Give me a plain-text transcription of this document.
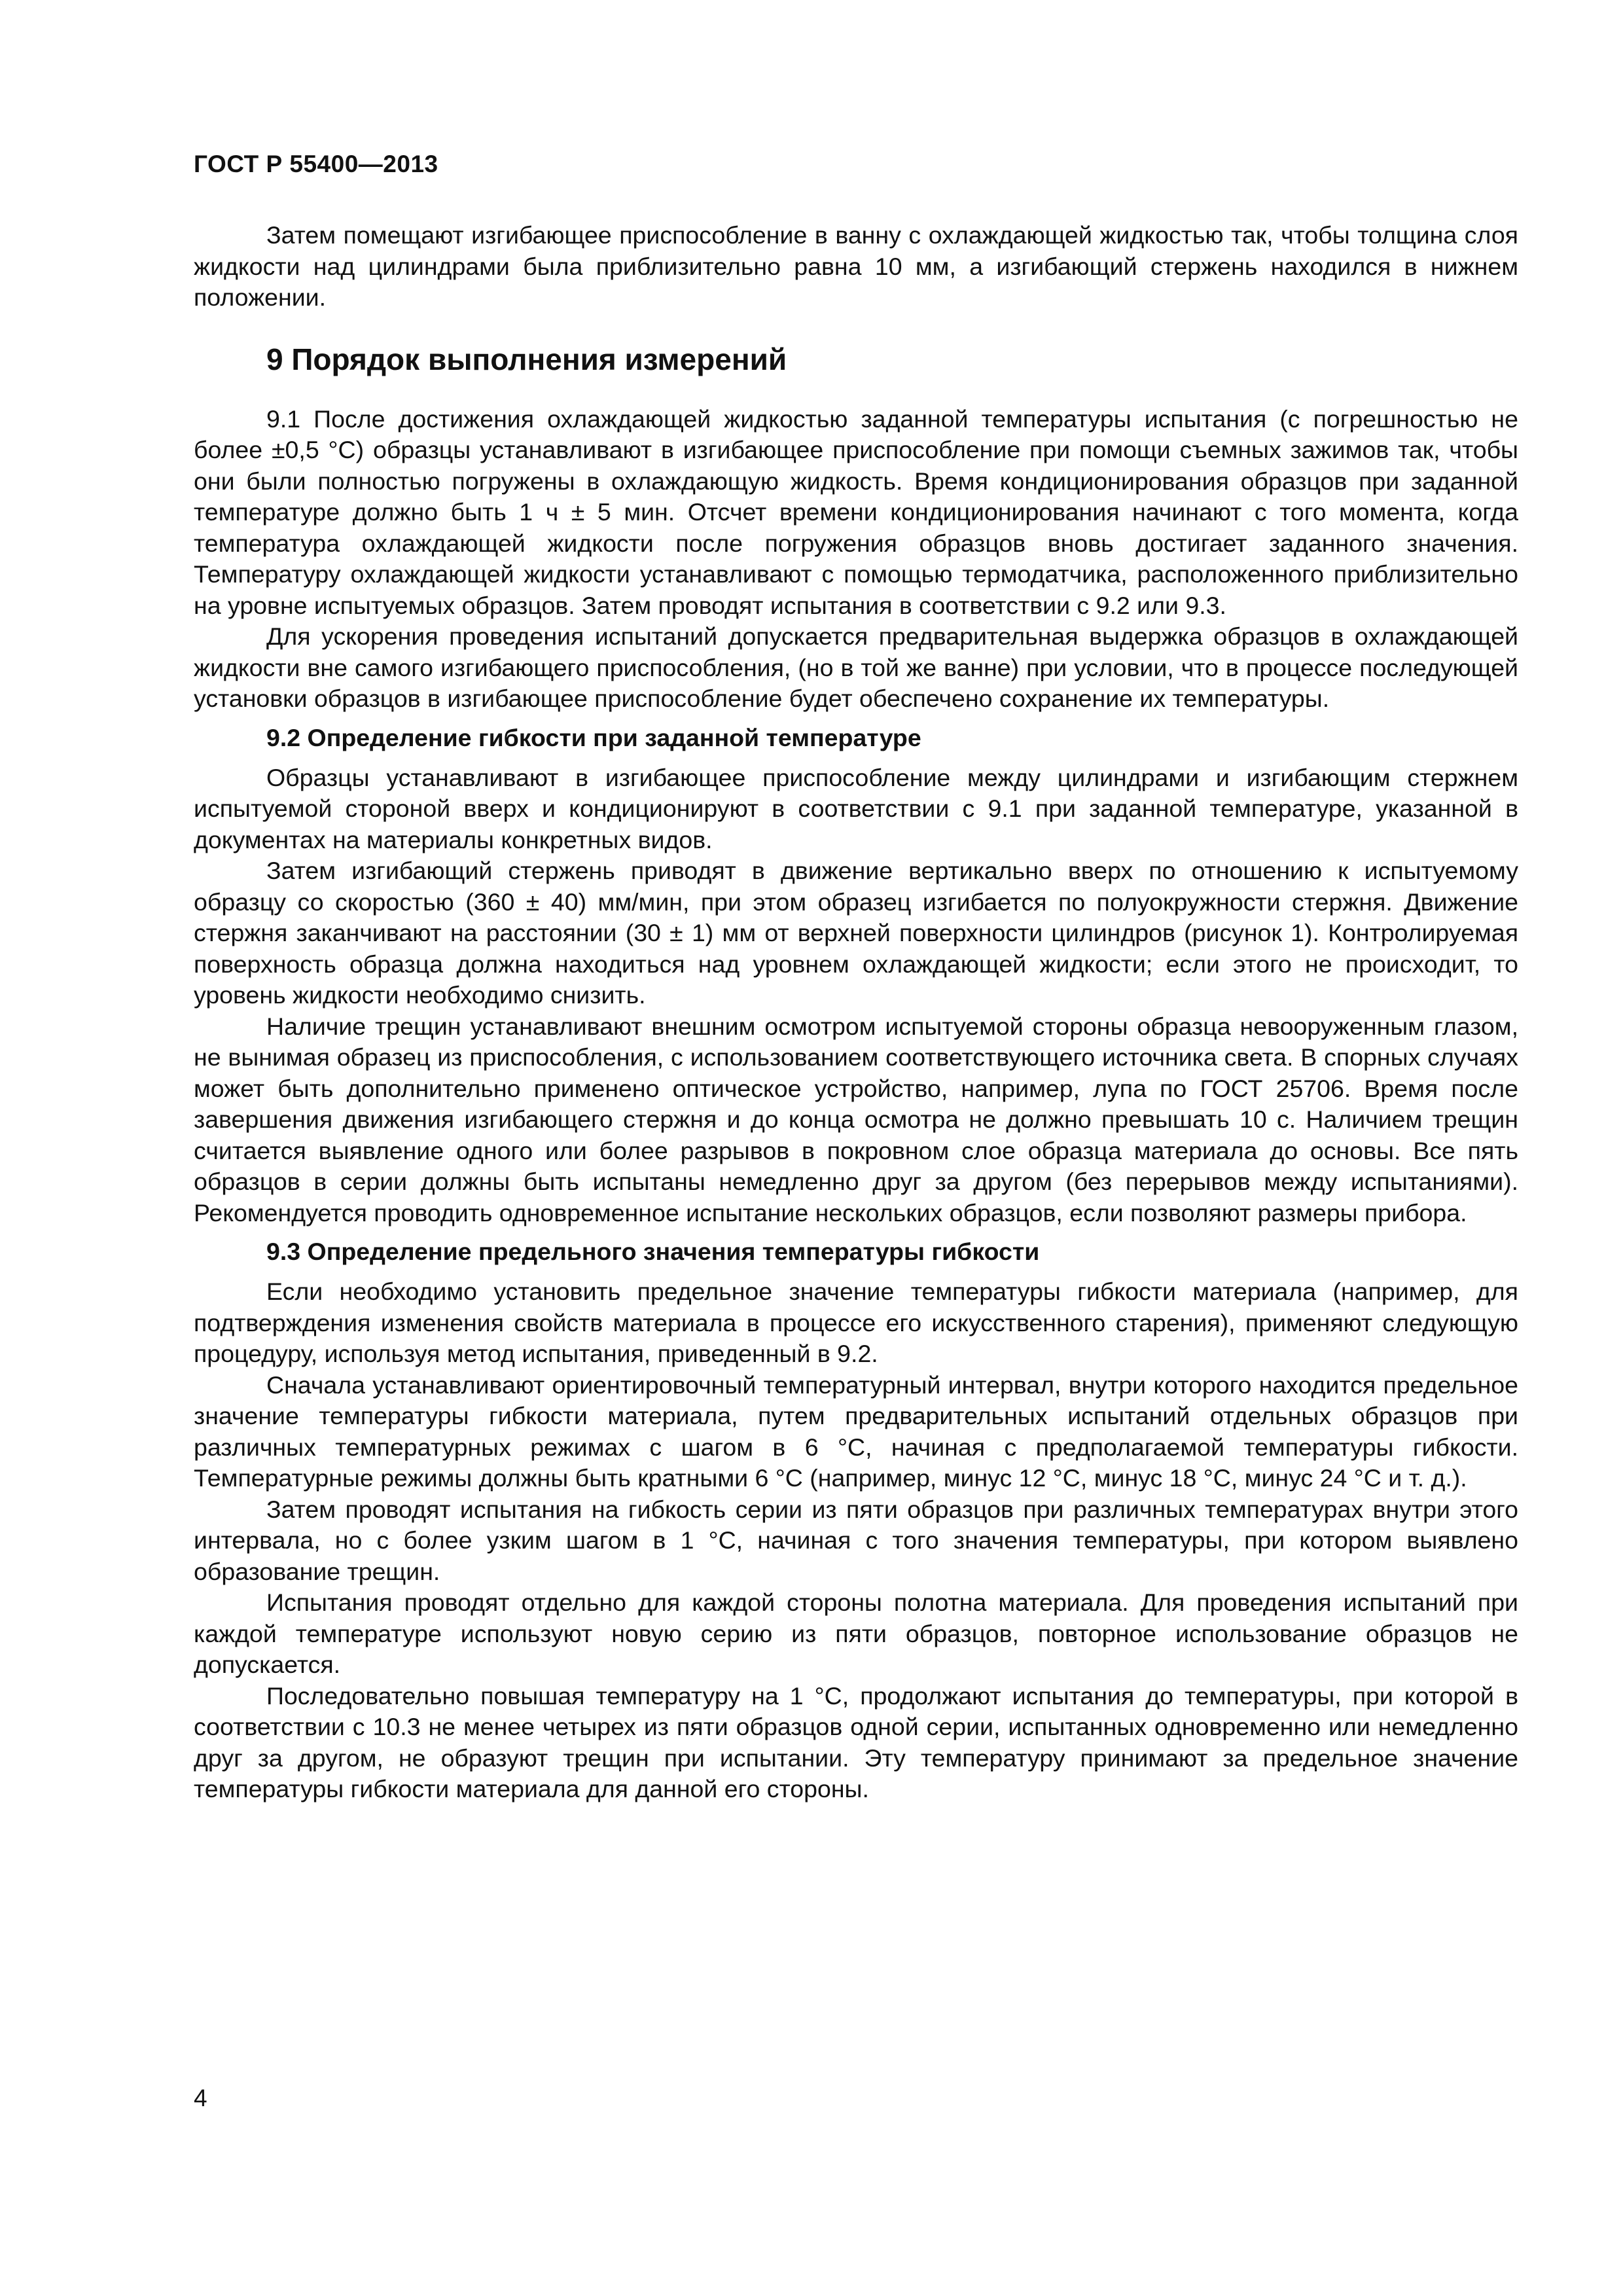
ГОСТ Р 55400—2013

Затем помещают изгибающее приспособление в ванну с охлаждающей жидкостью так, чтобы толщина слоя жидкости над цилиндрами была приблизительно равна 10 мм, а изгибающий стержень находился в нижнем положении.

9 Порядок выполнения измерений

9.1 После достижения охлаждающей жидкостью заданной температуры испытания (с погрешностью не более ±0,5 °С) образцы устанавливают в изгибающее приспособление при помощи съемных зажимов так, чтобы они были полностью погружены в охлаждающую жидкость. Время кондиционирования образцов при заданной температуре должно быть 1 ч ± 5 мин. Отсчет времени кондиционирования начинают с того момента, когда температура охлаждающей жидкости после погружения образцов вновь достигает заданного значения. Температуру охлаждающей жидкости устанавливают с помощью термодатчика, расположенного приблизительно на уровне испытуемых образцов. Затем проводят испытания в соответствии с 9.2 или 9.3.

Для ускорения проведения испытаний допускается предварительная выдержка образцов в охлаждающей жидкости вне самого изгибающего приспособления, (но в той же ванне) при условии, что в процессе последующей установки образцов в изгибающее приспособление будет обеспечено сохранение их температуры.

9.2 Определение гибкости при заданной температуре

Образцы устанавливают в изгибающее приспособление между цилиндрами и изгибающим стержнем испытуемой стороной вверх и кондиционируют в соответствии с 9.1 при заданной температуре, указанной в документах на материалы конкретных видов.

Затем изгибающий стержень приводят в движение вертикально вверх по отношению к испытуемому образцу со скоростью (360 ± 40) мм/мин, при этом образец изгибается по полуокружности стержня. Движение стержня заканчивают на расстоянии (30 ± 1) мм от верхней поверхности цилиндров (рисунок 1). Контролируемая поверхность образца должна находиться над уровнем охлаждающей жидкости; если этого не происходит, то уровень жидкости необходимо снизить.

Наличие трещин устанавливают внешним осмотром испытуемой стороны образца невооруженным глазом, не вынимая образец из приспособления, с использованием соответствующего источника света. В спорных случаях может быть дополнительно применено оптическое устройство, например, лупа по ГОСТ 25706. Время после завершения движения изгибающего стержня и до конца осмотра не должно превышать 10 с. Наличием трещин считается выявление одного или более разрывов в покровном слое образца материала до основы. Все пять образцов в серии должны быть испытаны немедленно друг за другом (без перерывов между испытаниями). Рекомендуется проводить одновременное испытание нескольких образцов, если позволяют размеры прибора.

9.3 Определение предельного значения температуры гибкости

Если необходимо установить предельное значение температуры гибкости материала (например, для подтверждения изменения свойств материала в процессе его искусственного старения), применяют следующую процедуру, используя метод испытания, приведенный в 9.2.

Сначала устанавливают ориентировочный температурный интервал, внутри которого находится предельное значение температуры гибкости материала, путем предварительных испытаний отдельных образцов при различных температурных режимах с шагом в 6 °С, начиная с предполагаемой температуры гибкости. Температурные режимы должны быть кратными 6 °С (например, минус 12 °С, минус 18 °С, минус 24 °С и т. д.).

Затем проводят испытания на гибкость серии из пяти образцов при различных температурах внутри этого интервала, но с более узким шагом в 1 °С, начиная с того значения температуры, при котором выявлено образование трещин.

Испытания проводят отдельно для каждой стороны полотна материала. Для проведения испытаний при каждой температуре используют новую серию из пяти образцов, повторное использование образцов не допускается.

Последовательно повышая температуру на 1 °С, продолжают испытания до температуры, при которой в соответствии с 10.3 не менее четырех из пяти образцов одной серии, испытанных одновременно или немедленно друг за другом, не образуют трещин при испытании. Эту температуру принимают за предельное значение температуры гибкости материала для данной его стороны.

4
